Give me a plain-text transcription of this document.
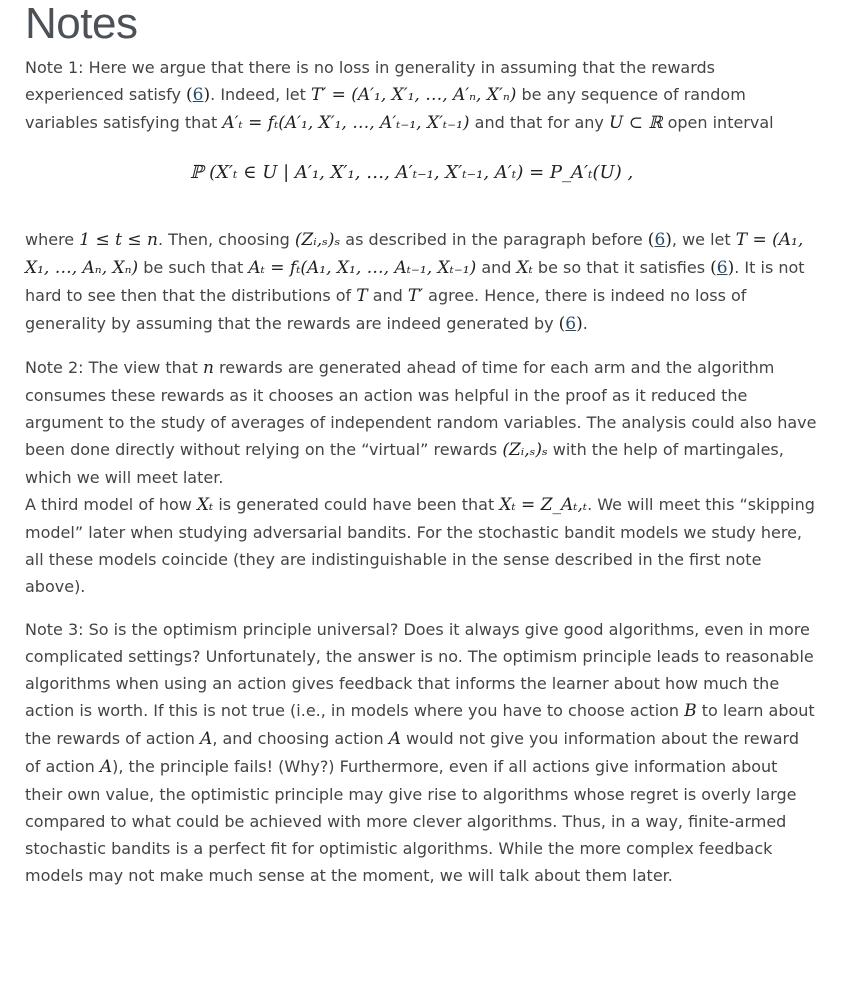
Notes

Note 1: Here we argue that there is no loss in generality in assuming that the rewards experienced satisfy (6). Indeed, let T′ = (A′₁, X′₁, …, A′ₙ, X′ₙ) be any sequence of random variables satisfying that A′ₜ = fₜ(A′₁, X′₁, …, A′ₜ₋₁, X′ₜ₋₁) and that for any U ⊂ ℝ open interval

ℙ (X′ₜ ∈ U | A′₁, X′₁, …, A′ₜ₋₁, X′ₜ₋₁, A′ₜ) = P_A′ₜ(U) ,

where 1 ≤ t ≤ n. Then, choosing (Zᵢ,ₛ)ₛ as described in the paragraph before (6), we let T = (A₁, X₁, …, Aₙ, Xₙ) be such that Aₜ = fₜ(A₁, X₁, …, Aₜ₋₁, Xₜ₋₁) and Xₜ be so that it satisfies (6). It is not hard to see then that the distributions of T and T′ agree. Hence, there is indeed no loss of generality by assuming that the rewards are indeed generated by (6).

Note 2: The view that n rewards are generated ahead of time for each arm and the algorithm consumes these rewards as it chooses an action was helpful in the proof as it reduced the argument to the study of averages of independent random variables. The analysis could also have been done directly without relying on the “virtual” rewards (Zᵢ,ₛ)ₛ with the help of martingales, which we will meet later.
A third model of how Xₜ is generated could have been that Xₜ = Z_Aₜ,ₜ. We will meet this “skipping model” later when studying adversarial bandits. For the stochastic bandit models we study here, all these models coincide (they are indistinguishable in the sense described in the first note above).

Note 3: So is the optimism principle universal? Does it always give good algorithms, even in more complicated settings? Unfortunately, the answer is no. The optimism principle leads to reasonable algorithms when using an action gives feedback that informs the learner about how much the action is worth. If this is not true (i.e., in models where you have to choose action B to learn about the rewards of action A, and choosing action A would not give you information about the reward of action A), the principle fails! (Why?) Furthermore, even if all actions give information about their own value, the optimistic principle may give rise to algorithms whose regret is overly large compared to what could be achieved with more clever algorithms. Thus, in a way, finite-armed stochastic bandits is a perfect fit for optimistic algorithms. While the more complex feedback models may not make much sense at the moment, we will talk about them later.
